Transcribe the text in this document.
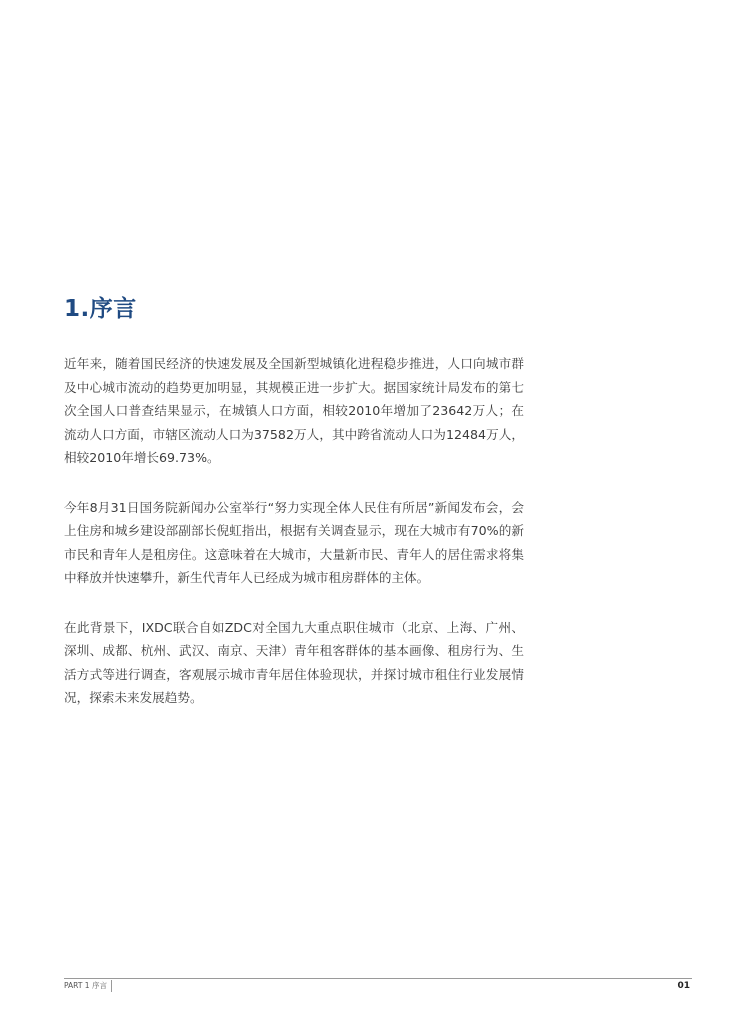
1.序言

近年来，随着国民经济的快速发展及全国新型城镇化进程稳步推进，人口向城市群及中心城市流动的趋势更加明显，其规模正进一步扩大。据国家统计局发布的第七次全国人口普查结果显示，在城镇人口方面，相较2010年增加了23642万人；在流动人口方面，市辖区流动人口为37582万人，其中跨省流动人口为12484万人，相较2010年增长69.73%。

今年8月31日国务院新闻办公室举行“努力实现全体人民住有所居”新闻发布会，会上住房和城乡建设部副部长倪虹指出，根据有关调查显示，现在大城市有70%的新市民和青年人是租房住。这意味着在大城市，大量新市民、青年人的居住需求将集中释放并快速攀升，新生代青年人已经成为城市租房群体的主体。

在此背景下，IXDC联合自如ZDC对全国九大重点职住城市（北京、上海、广州、深圳、成都、杭州、武汉、南京、天津）青年租客群体的基本画像、租房行为、生活方式等进行调查，客观展示城市青年居住体验现状，并探讨城市租住行业发展情况，探索未来发展趋势。

PART 1 序言	01
